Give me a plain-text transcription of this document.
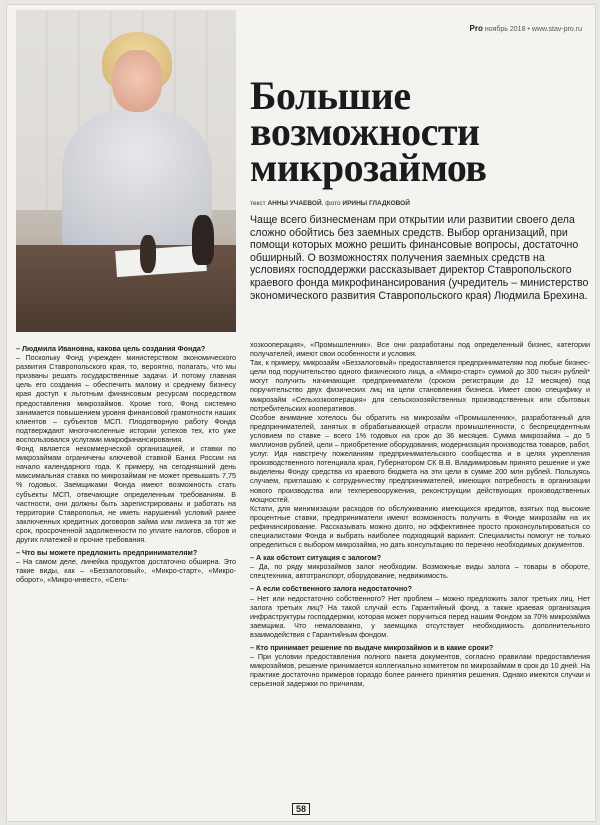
Pro ноябрь 2018 • www.stav-pro.ru
Большие
возможности
микрозаймов
текст АННЫ УЧАЕВОЙ, фото ИРИНЫ ГЛАДКОВОЙ

Чаще всего бизнесменам при открытии или развитии своего дела сложно обойтись без заемных средств. Выбор организаций, при помощи которых можно решить финансовые вопросы, достаточно обширный. О возможностях получения заемных средств на условиях господдержки рассказывает директор Ставропольского краевого фонда микрофинансирования (учредитель – министерство экономического развития Ставропольского края) Людмила Брехина.

– Людмила Ивановна, какова цель создания Фонда?

– Поскольку Фонд учрежден министерством экономического развития Ставропольского края, то, вероятно, полагать, что мы призваны решать государственные задачи. И потому главная цель его создания – обеспечить малому и среднему бизнесу края доступ к льготным финансовым ресурсам посредством предоставления микрозаймов. Кроме того, Фонд системно занимается повышением уровня финансовой грамотности наших клиентов – субъектов МСП. Плодотворную работу Фонда подтверждают многочисленные истории успехов тех, кто уже воспользовался услугами микрофинансирования.

Фонд является некоммерческой организацией, и ставки по микрозаймам ограничены ключевой ставкой Банка России на начало календарного года. К примеру, на сегодняшний день максимальная ставка по микрозаймам не может превышать 7,75 % годовых. Заемщиками Фонда имеют возможность стать субъекты МСП, отвечающие определенным требованиям. В частности, они должны быть зарегистрированы и работать на территории Ставрополья, не иметь нарушений условий ранее заключенных кредитных договоров займа или лизинга за тот же срок, просроченной задолженности по уплате налогов, сборов и других платежей и прочие требования.

– Что вы можете предложить предпринимателям?

– На самом деле, линейка продуктов достаточно обширна. Это такие виды, как – «Беззалоговый», «Микро-старт», «Микро-оборот», «Микро-инвест», «Сель-

хозкооперация», «Промышленник». Все они разработаны под определенный бизнес, категории получателей, имеют свои особенности и условия.

Так, к примеру, микрозайм «Беззалоговый» предоставляется предпринимателям под любые бизнес-цели под поручительство одного физического лица, а «Микро-старт» суммой до 300 тысяч рублей* могут получить начинающие предприниматели (сроком регистрации до 12 месяцев) под поручительство двух физических лиц на цели становления бизнеса. Имеет свою специфику и микрозайм «Сельхозкооперация» для сельскохозяйственных производственных или сбытовых потребительских кооперативов.

Особое внимание хотелось бы обратить на микрозайм «Промышленник», разработанный для предпринимателей, занятых в обрабатывающей отрасли промышленности, с беспрецедентным условием по ставке – всего 1% годовых на срок до 36 месяцев. Сумма микрозайма – до 5 миллионов рублей, цели – приобретение оборудования, модернизация производства товаров, работ, услуг. Идя навстречу пожеланиям предпринимательского сообщества и в целях укрепления производственного потенциала края, Губернатором СК В.В. Владимировым принято решение и уже выделены Фонду средства из краевого бюджета на эти цели в сумме 200 млн рублей. Пользуясь случаем, приглашаю к сотрудничеству предпринимателей, имеющих потребность в организации нового производства или техперевооружения, реконструкции действующих производственных мощностей.

Кстати, для минимизации расходов по обслуживанию имеющихся кредитов, взятых под высокие процентные ставки, предприниматели имеют возможность получить в Фонде микрозайм на их рефинансирование. Рассказывать можно долго, но эффективнее просто проконсультироваться со специалистами Фонда и выбрать наиболее подходящий вариант. Специалисты помогут не только определиться с выбором микрозайма, но дать консультацию по перечню необходимых документов.

– А как обстоит ситуация с залогом?

– Да, по ряду микрозаймов залог необходим. Возможные виды залога – товары в обороте, спецтехника, автотранспорт, оборудование, недвижимость.

– А если собственного залога недостаточно?

– Нет или недостаточно собственного? Нет проблем – можно предложить залог третьих лиц. Нет залога третьих лиц? На такой случай есть Гарантийный фонд, а также краевая организация инфраструктуры господдержки, которая может поручиться перед нашим Фондом за 70% микрозайма заемщика. Что немаловажно, у заемщика отсутствует необходимость дополнительного взаимодействия с Гарантийным фондом.

– Кто принимает решение по выдаче микрозаймов и в какие сроки?

– При условии предоставления полного пакета документов, согласно правилам предоставления микрозаймов, решение принимается коллегиально комитетом по микрозаймам в срок до 10 дней. На практике достаточно примеров гораздо более раннего принятия решения. Однако имеются случаи и серьезной задержки по причинам,

58
